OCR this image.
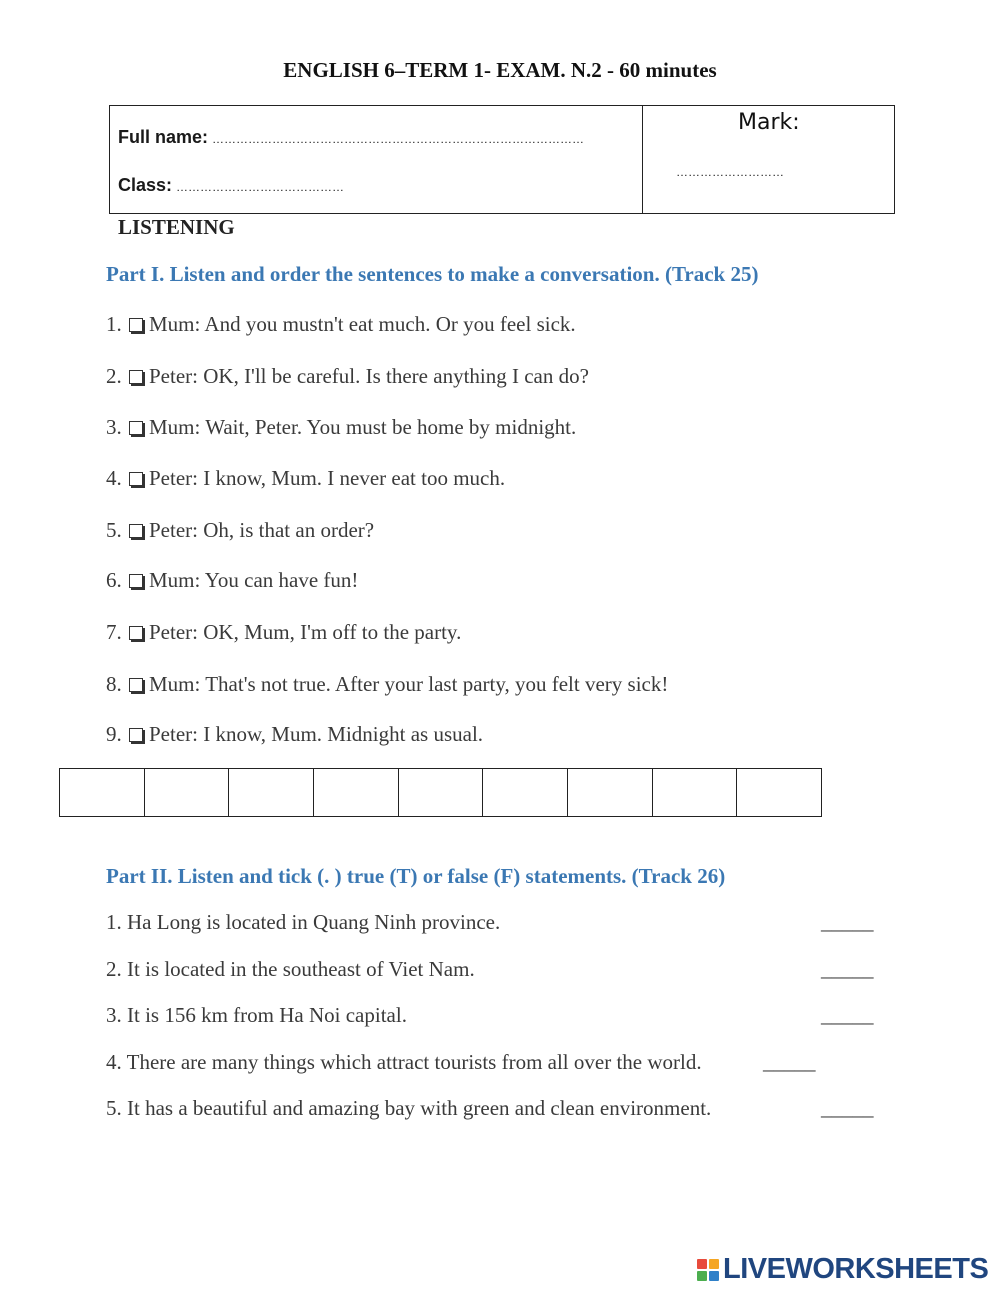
ENGLISH 6–TERM 1- EXAM. N.2 - 60 minutes
Full name: …………………………………………………………………………………
Class: ……………………………………
Mark:
………………………
LISTENING
Part I. Listen and order the sentences to make a conversation. (Track 25)
1. Mum: And you mustn't eat much. Or you feel sick.
2. Peter: OK, I'll be careful. Is there anything I can do?
3. Mum: Wait, Peter. You must be home by midnight.
4. Peter: I know, Mum. I never eat too much.
5. Peter: Oh, is that an order?
6. Mum: You can have fun!
7. Peter: OK, Mum, I'm off to the party.
8. Mum: That's not true. After your last party, you felt very sick!
9. Peter: I know, Mum. Midnight as usual.
Part II. Listen and tick (. ) true (T) or false (F) statements. (Track 26)
1. Ha Long is located in Quang Ninh province.	_____
2. It is located in the southeast of Viet Nam.	_____
3. It is 156 km from Ha Noi capital.	_____
4. There are many things which attract tourists from all over the world.	_____
5. It has a beautiful and amazing bay with green and clean environment.	_____
LIVEWORKSHEETS
